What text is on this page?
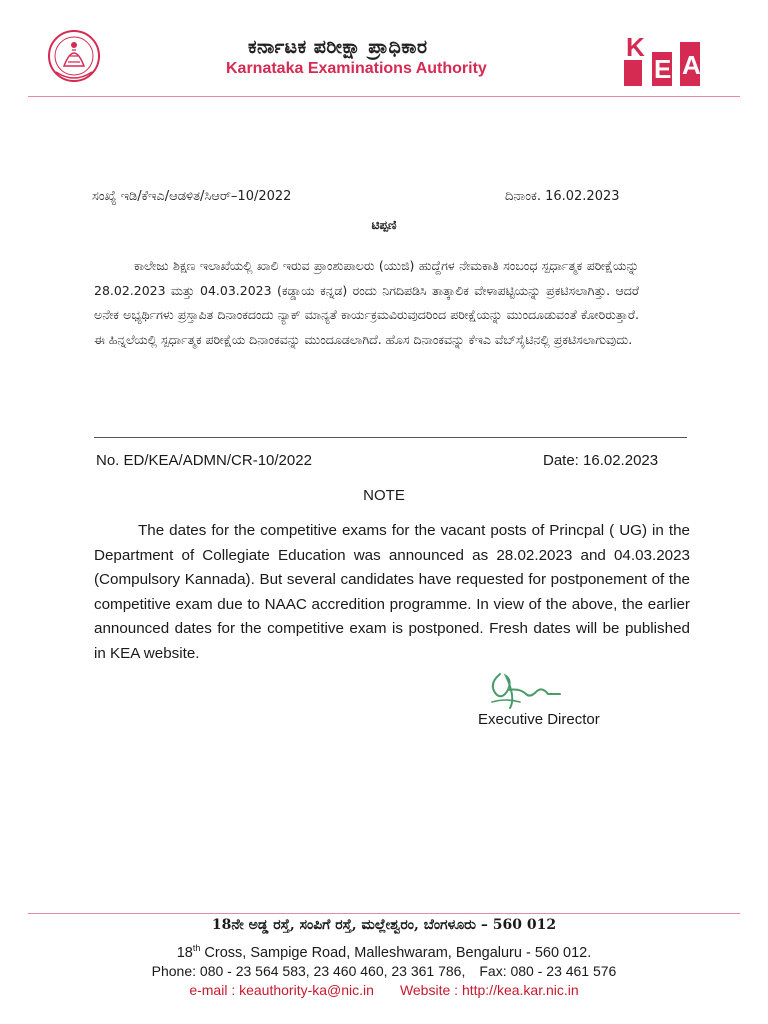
ಕರ್ನಾಟಕ ಪರೀಕ್ಷಾ ಪ್ರಾಧಿಕಾರ
Karnataka Examinations Authority
K
E A
ಸಂಖ್ಯೆ ಇಡಿ/ಕೆಇಎ/ಆಡಳಿತ/ಸಿಆರ್–10/2022	ದಿನಾಂಕ. 16.02.2023
ಟಿಪ್ಪಣಿ
ಕಾಲೇಜು ಶಿಕ್ಷಣ ಇಲಾಖೆಯಲ್ಲಿ ಖಾಲಿ ಇರುವ ಪ್ರಾಂಶುಪಾಲರು (ಯುಜಿ) ಹುದ್ದೆಗಳ ನೇಮಕಾತಿ ಸಂಬಂಧ ಸ್ಪರ್ಧಾತ್ಮಕ ಪರೀಕ್ಷೆಯನ್ನು 28.02.2023 ಮತ್ತು 04.03.2023 (ಕಡ್ಡಾಯ ಕನ್ನಡ) ರಂದು ನಿಗದಿಪಡಿಸಿ ತಾತ್ಕಾಲಿಕ ವೇಳಾಪಟ್ಟಿಯನ್ನು ಪ್ರಕಟಿಸಲಾಗಿತ್ತು. ಆದರೆ ಅನೇಕ ಅಭ್ಯರ್ಥಿಗಳು ಪ್ರಸ್ತಾಪಿತ ದಿನಾಂಕದಂದು ನ್ಯಾಕ್ ಮಾನ್ಯತೆ ಕಾರ್ಯಕ್ರಮವಿರುವುದರಿಂದ ಪರೀಕ್ಷೆಯನ್ನು ಮುಂದೂಡುವಂತೆ ಕೋರಿರುತ್ತಾರೆ. ಈ ಹಿನ್ನಲೆಯಲ್ಲಿ ಸ್ಪರ್ಧಾತ್ಮಕ ಪರೀಕ್ಷೆಯ ದಿನಾಂಕವನ್ನು ಮುಂದೂಡಲಾಗಿದೆ. ಹೊಸ ದಿನಾಂಕವನ್ನು ಕೆಇಎ ವೆಬ್‌ಸೈಟಿನಲ್ಲಿ ಪ್ರಕಟಿಸಲಾಗುವುದು.
No. ED/KEA/ADMN/CR-10/2022	Date: 16.02.2023
NOTE
The dates for the competitive exams for the vacant posts of Princpal ( UG) in the Department of Collegiate Education was announced as 28.02.2023 and 04.03.2023 (Compulsory Kannada). But several candidates have requested for postponement of the competitive exam due to NAAC accredition programme. In view of the above, the earlier announced dates for the competitive exam is postponed. Fresh dates will be published in KEA website.
Executive Director
18ನೇ ಅಡ್ಡ ರಸ್ತೆ, ಸಂಪಿಗೆ ರಸ್ತೆ, ಮಲ್ಲೇಶ್ವರಂ, ಬೆಂಗಳೂರು – 560 012
18th Cross, Sampige Road, Malleshwaram, Bengaluru - 560 012.
Phone: 080 - 23 564 583, 23 460 460, 23 361 786, Fax: 080 - 23 461 576
e-mail : keauthority-ka@nic.in Website : http://kea.kar.nic.in
